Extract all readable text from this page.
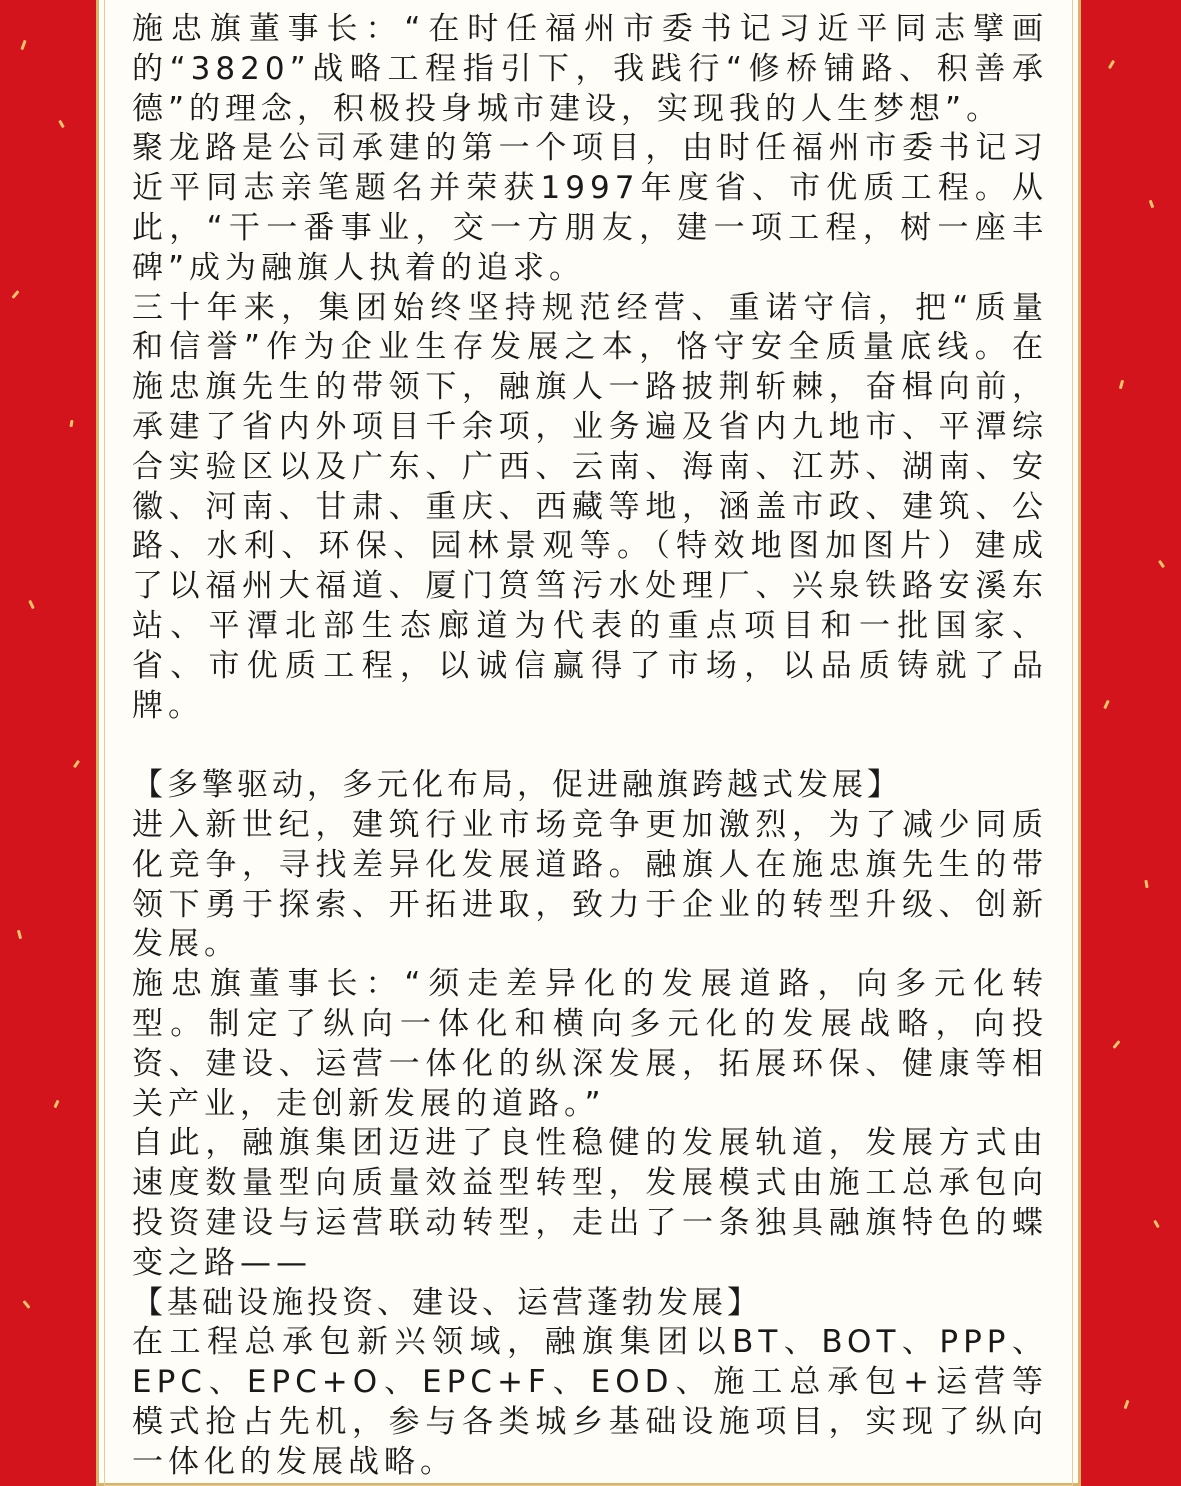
施忠旗董事长：“在时任福州市委书记习近平同志擘画的“3820”战略工程指引下，我践行“修桥铺路、积善承德”的理念，积极投身城市建设，实现我的人生梦想”。

聚龙路是公司承建的第一个项目，由时任福州市委书记习近平同志亲笔题名并荣获1997年度省、市优质工程。从此，“干一番事业，交一方朋友，建一项工程，树一座丰碑”成为融旗人执着的追求。

三十年来，集团始终坚持规范经营、重诺守信，把“质量和信誉”作为企业生存发展之本，恪守安全质量底线。在施忠旗先生的带领下，融旗人一路披荆斩棘，奋楫向前，承建了省内外项目千余项，业务遍及省内九地市、平潭综合实验区以及广东、广西、云南、海南、江苏、湖南、安徽、河南、甘肃、重庆、西藏等地，涵盖市政、建筑、公路、水利、环保、园林景观等。（特效地图加图片）建成了以福州大福道、厦门筼筜污水处理厂、兴泉铁路安溪东站、平潭北部生态廊道为代表的重点项目和一批国家、省、市优质工程，以诚信赢得了市场，以品质铸就了品牌。

【多擎驱动，多元化布局，促进融旗跨越式发展】

进入新世纪，建筑行业市场竞争更加激烈，为了减少同质化竞争，寻找差异化发展道路。融旗人在施忠旗先生的带领下勇于探索、开拓进取，致力于企业的转型升级、创新发展。

施忠旗董事长：“须走差异化的发展道路，向多元化转型。制定了纵向一体化和横向多元化的发展战略，向投资、建设、运营一体化的纵深发展，拓展环保、健康等相关产业，走创新发展的道路。”

自此，融旗集团迈进了良性稳健的发展轨道，发展方式由速度数量型向质量效益型转型，发展模式由施工总承包向投资建设与运营联动转型，走出了一条独具融旗特色的蝶变之路——

【基础设施投资、建设、运营蓬勃发展】

在工程总承包新兴领域，融旗集团以BT、BOT、PPP、EPC、EPC+O、EPC+F、EOD、施工总承包+运营等模式抢占先机，参与各类城乡基础设施项目，实现了纵向一体化的发展战略。
